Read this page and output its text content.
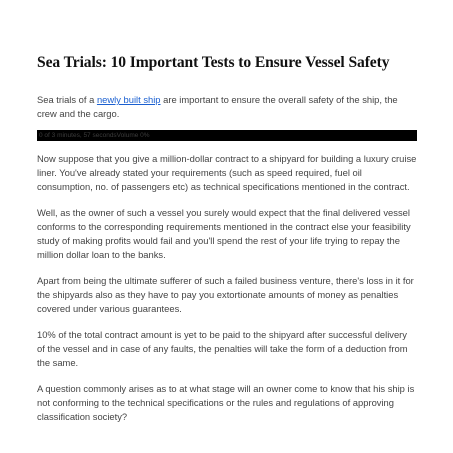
Sea Trials: 10 Important Tests to Ensure Vessel Safety

Sea trials of a newly built ship are important to ensure the overall safety of the ship, the crew and the cargo.

0 of 3 minutes, 57 secondsVolume 0%

Now suppose that you give a million-dollar contract to a shipyard for building a luxury cruise liner. You've already stated your requirements (such as speed required, fuel oil consumption, no. of passengers etc) as technical specifications mentioned in the contract.

Well, as the owner of such a vessel you surely would expect that the final delivered vessel conforms to the corresponding requirements mentioned in the contract else your feasibility study of making profits would fail and you'll spend the rest of your life trying to repay the million dollar loan to the banks.

Apart from being the ultimate sufferer of such a failed business venture, there's loss in it for the shipyards also as they have to pay you extortionate amounts of money as penalties covered under various guarantees.

10% of the total contract amount is yet to be paid to the shipyard after successful delivery of the vessel and in case of any faults, the penalties will take the form of a deduction from the same.

A question commonly arises as to at what stage will an owner come to know that his ship is not conforming to the technical specifications or the rules and regulations of approving classification society?
